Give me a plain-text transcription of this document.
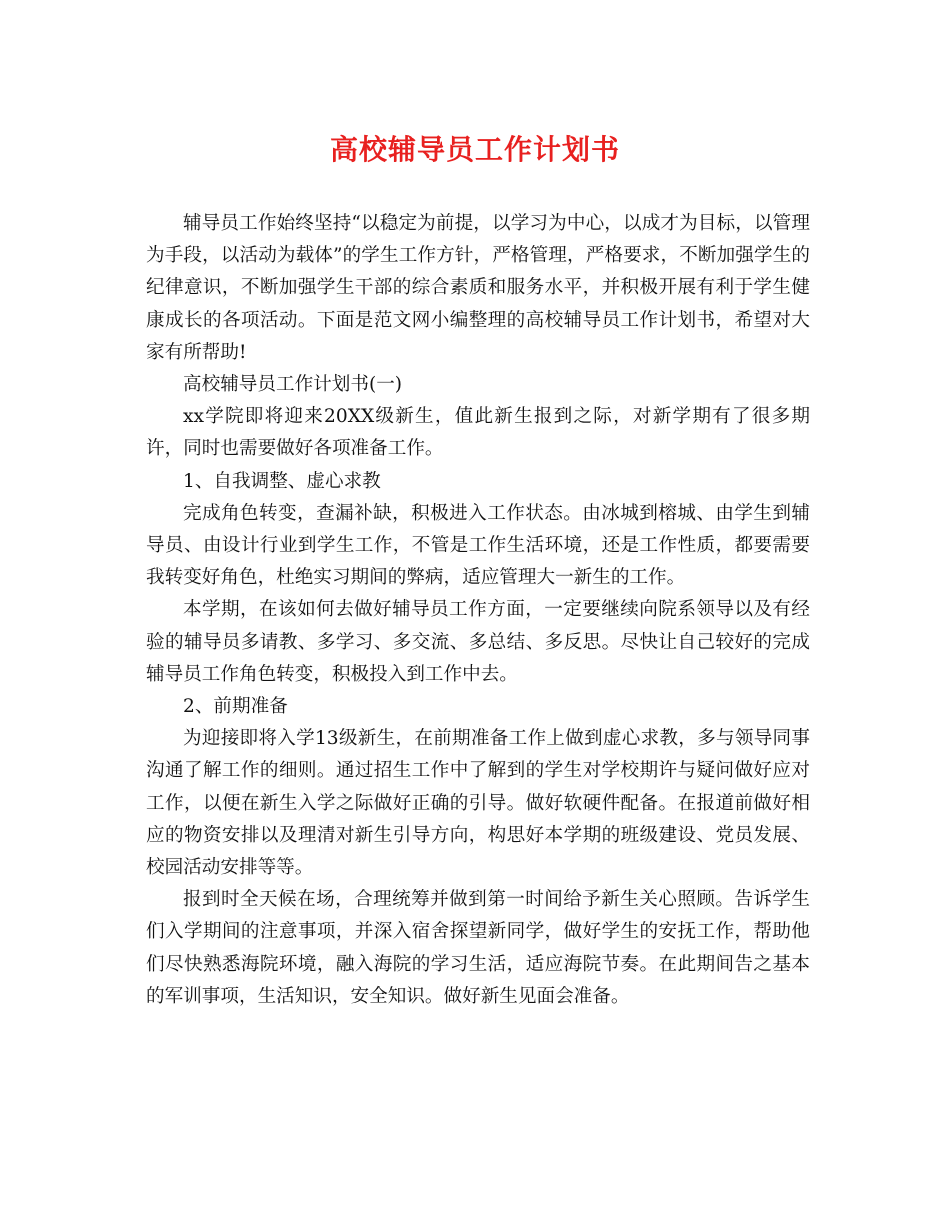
高校辅导员工作计划书

辅导员工作始终坚持“以稳定为前提，以学习为中心，以成才为目标，以管理为手段，以活动为载体”的学生工作方针，严格管理，严格要求，不断加强学生的纪律意识，不断加强学生干部的综合素质和服务水平，并积极开展有利于学生健康成长的各项活动。下面是范文网小编整理的高校辅导员工作计划书，希望对大家有所帮助!

高校辅导员工作计划书(一)

xx学院即将迎来20XX级新生，值此新生报到之际，对新学期有了很多期许，同时也需要做好各项准备工作。

1、自我调整、虚心求教

完成角色转变，查漏补缺，积极进入工作状态。由冰城到榕城、由学生到辅导员、由设计行业到学生工作，不管是工作生活环境，还是工作性质，都要需要我转变好角色，杜绝实习期间的弊病，适应管理大一新生的工作。

本学期，在该如何去做好辅导员工作方面，一定要继续向院系领导以及有经验的辅导员多请教、多学习、多交流、多总结、多反思。尽快让自己较好的完成辅导员工作角色转变，积极投入到工作中去。

2、前期准备

为迎接即将入学13级新生，在前期准备工作上做到虚心求教，多与领导同事沟通了解工作的细则。通过招生工作中了解到的学生对学校期许与疑问做好应对工作，以便在新生入学之际做好正确的引导。做好软硬件配备。在报道前做好相应的物资安排以及理清对新生引导方向，构思好本学期的班级建设、党员发展、校园活动安排等等。

报到时全天候在场，合理统筹并做到第一时间给予新生关心照顾。告诉学生们入学期间的注意事项，并深入宿舍探望新同学，做好学生的安抚工作，帮助他们尽快熟悉海院环境，融入海院的学习生活，适应海院节奏。在此期间告之基本的军训事项，生活知识，安全知识。做好新生见面会准备。
